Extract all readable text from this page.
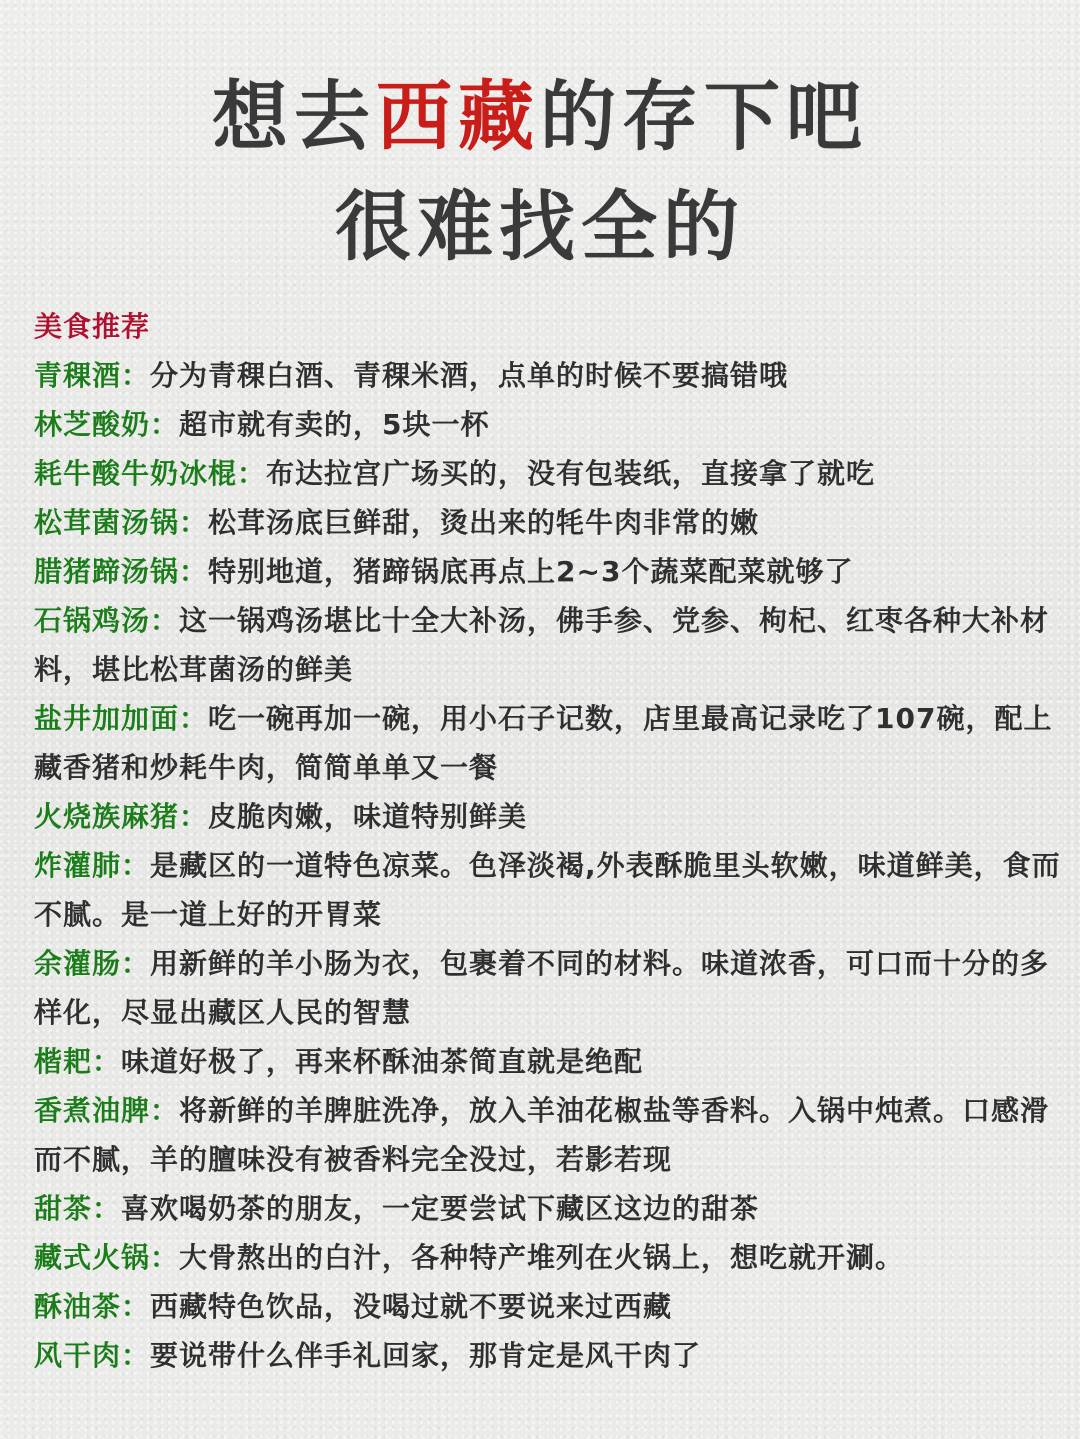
想去西藏的存下吧
很难找全的
美食推荐
青稞酒：分为青稞白酒、青稞米酒，点单的时候不要搞错哦
林芝酸奶：超市就有卖的，5块一杯
耗牛酸牛奶冰棍：布达拉宫广场买的，没有包装纸，直接拿了就吃
松茸菌汤锅：松茸汤底巨鲜甜，烫出来的牦牛肉非常的嫩
腊猪蹄汤锅：特别地道，猪蹄锅底再点上2~3个蔬菜配菜就够了
石锅鸡汤：这一锅鸡汤堪比十全大补汤，佛手参、党参、枸杞、红枣各种大补材料，堪比松茸菌汤的鲜美
盐井加加面：吃一碗再加一碗，用小石子记数，店里最高记录吃了107碗，配上藏香猪和炒耗牛肉，简简单单又一餐
火烧族麻猪：皮脆肉嫩，味道特别鲜美
炸灌肺：是藏区的一道特色凉菜。色泽淡褐,外表酥脆里头软嫩，味道鲜美，食而不腻。是一道上好的开胃菜
余灌肠：用新鲜的羊小肠为衣，包裹着不同的材料。味道浓香，可口而十分的多样化，尽显出藏区人民的智慧
楷耙：味道好极了，再来杯酥油茶简直就是绝配
香煮油脾：将新鲜的羊脾脏洗净，放入羊油花椒盐等香料。入锅中炖煮。口感滑而不腻，羊的膻味没有被香料完全没过，若影若现
甜茶：喜欢喝奶茶的朋友，一定要尝试下藏区这边的甜茶
藏式火锅：大骨熬出的白汁，各种特产堆列在火锅上，想吃就开涮。
酥油茶：西藏特色饮品，没喝过就不要说来过西藏
风干肉：要说带什么伴手礼回家，那肯定是风干肉了
